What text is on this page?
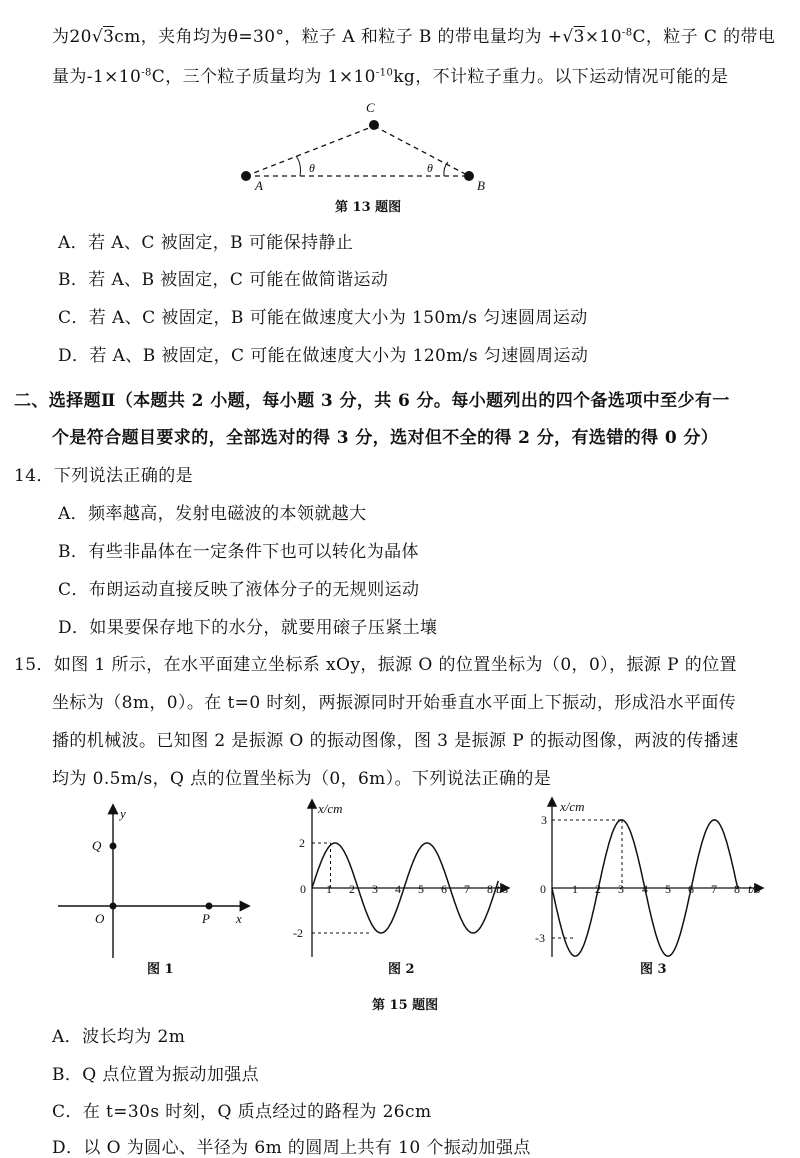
为20√3cm，夹角均为θ=30°，粒子 A 和粒子 B 的带电量均为 $+√3\times 10^{-8}C$，粒子 C 的带电
量为$-1\times 10^{-8}C$，三个粒子质量均为 $1\times 10^{-10}kg$，不计粒子重力。以下运动情况可能的是
A	B
C
θ	θ
第 13 题图
A．若 A、C 被固定，B 可能保持静止
B．若 A、B 被固定，C 可能在做简谐运动
C．若 A、C 被固定，B 可能在做速度大小为 150m/s 匀速圆周运动
D．若 A、B 被固定，C 可能在做速度大小为 120m/s 匀速圆周运动
二、选择题Ⅱ（本题共 2 小题，每小题 3 分，共 6 分。每小题列出的四个备选项中至少有一
个是符合题目要求的，全部选对的得 3 分，选对但不全的得 2 分，有选错的得 0 分）
14．下列说法正确的是
A．频率越高，发射电磁波的本领就越大
B．有些非晶体在一定条件下也可以转化为晶体
C．布朗运动直接反映了液体分子的无规则运动
D．如果要保存地下的水分，就要用磙子压紧土壤
15．如图 1 所示，在水平面建立坐标系 xOy，振源 O 的位置坐标为（0，0），振源 P 的位置
坐标为（8m，0）。在 t=0 时刻，两振源同时开始垂直水平面上下振动，形成沿水平面传
播的机械波。已知图 2 是振源 O 的振动图像，图 3 是振源 P 的振动图像，两波的传播速
均为 0.5m/s，Q 点的位置坐标为（0，6m）。下列说法正确的是
y
x
Q
O	P
图 1
x/cm
t/s
0
2
-2
1 2 3 4 5 6 7 8
图 2
x/cm
t/s
0
3
-3
1 2 3 4 5 6 7 8
图 3
第 15 题图
A．波长均为 2m
B．Q 点位置为振动加强点
C．在 t=30s 时刻，Q 质点经过的路程为 26cm
D．以 O 为圆心、半径为 6m 的圆周上共有 10 个振动加强点
